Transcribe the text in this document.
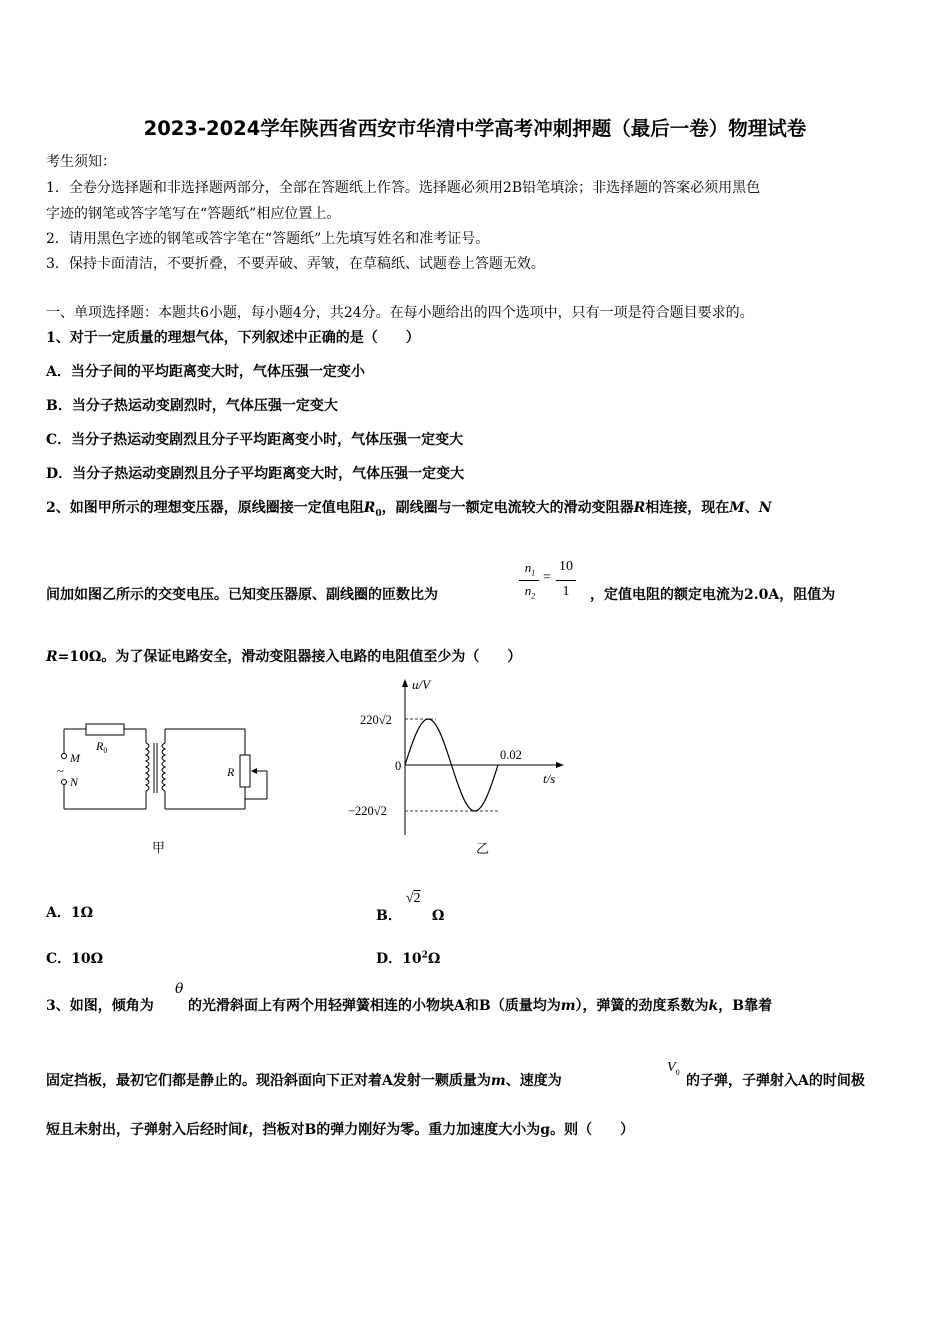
2023-2024学年陕西省西安市华清中学高考冲刺押题（最后一卷）物理试卷
考生须知：
1．全卷分选择题和非选择题两部分，全部在答题纸上作答。选择题必须用2B铅笔填涂；非选择题的答案必须用黑色
字迹的钢笔或答字笔写在“答题纸”相应位置上。
2．请用黑色字迹的钢笔或答字笔在“答题纸”上先填写姓名和准考证号。
3．保持卡面清洁，不要折叠，不要弄破、弄皱，在草稿纸、试题卷上答题无效。
一、单项选择题：本题共6小题，每小题4分，共24分。在每小题给出的四个选项中，只有一项是符合题目要求的。
1、对于一定质量的理想气体，下列叙述中正确的是（　　）
A．当分子间的平均距离变大时，气体压强一定变小
B．当分子热运动变剧烈时，气体压强一定变大
C．当分子热运动变剧烈且分子平均距离变小时，气体压强一定变大
D．当分子热运动变剧烈且分子平均距离变大时，气体压强一定变大
2、如图甲所示的理想变压器，原线圈接一定值电阻$R_0$，副线圈与一额定电流较大的滑动变阻器R相连接，现在M、N
间加如图乙所示的交变电压。已知变压器原、副线圈的匝数比为
$n_1$
$n_2$
=
10
1	，定值电阻的额定电流为2.0A，阻值为
R=10Ω。为了保证电路安全，滑动变阻器接入电路的电阻值至少为（　　）
M
~
N
$R_0$
R
甲
u/V
t/s
220√2
−220√2
0
0.02
乙
A．1Ω	B．
√2
Ω
C．10Ω	D．$10^2\Omega$
3、如图，倾角为
θ
的光滑斜面上有两个用轻弹簧相连的小物块A和B（质量均为m），弹簧的劲度系数为k，B靠着
固定挡板，最初它们都是静止的。现沿斜面向下正对着A发射一颗质量为m、速度为
$V_0$
的子弹，子弹射入A的时间极
短且未射出，子弹射入后经时间t，挡板对B的弹力刚好为零。重力加速度大小为g。则（　　）
